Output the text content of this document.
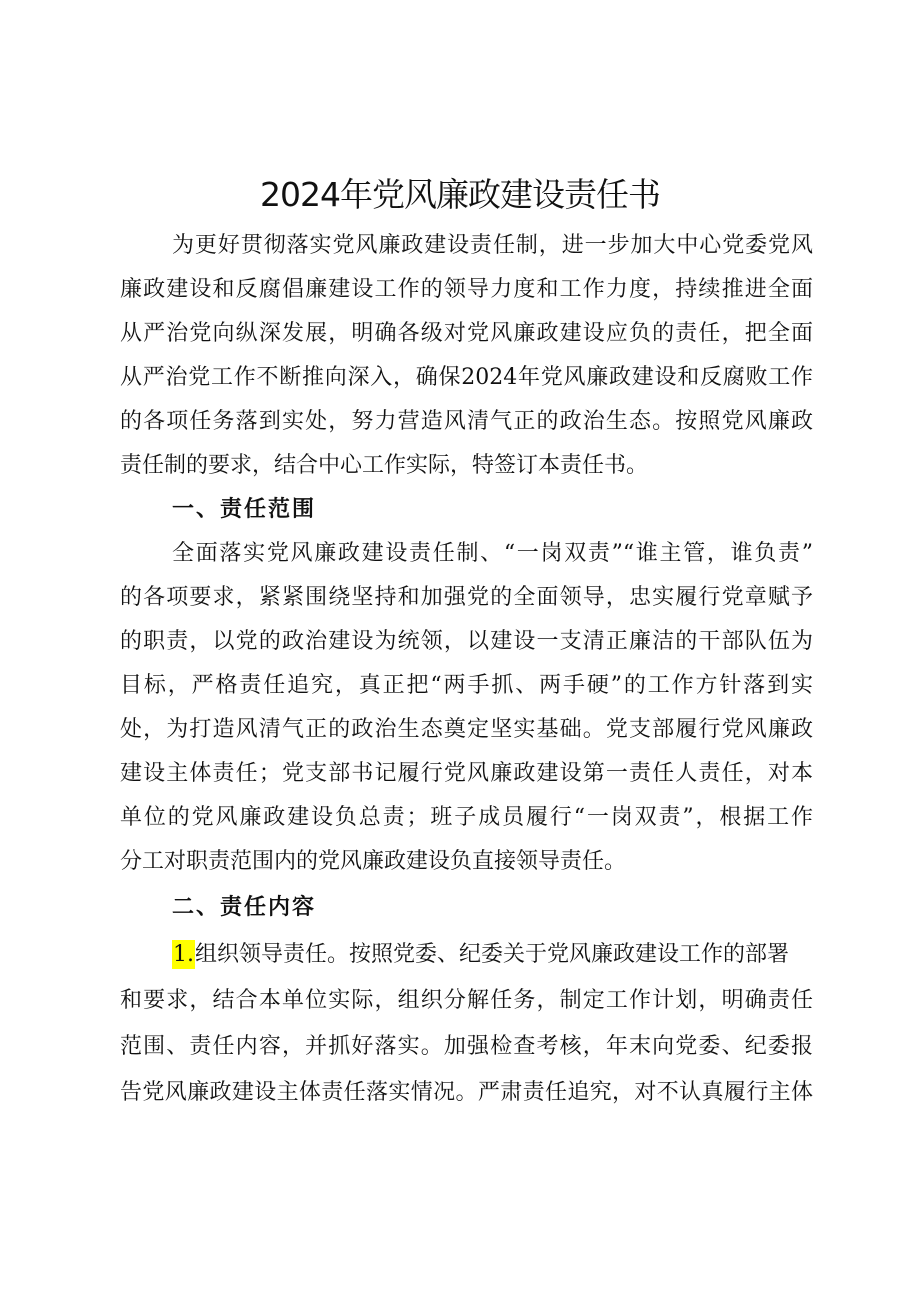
2024年党风廉政建设责任书
为更好贯彻落实党风廉政建设责任制，进一步加大中心党委党风
廉政建设和反腐倡廉建设工作的领导力度和工作力度，持续推进全面
从严治党向纵深发展，明确各级对党风廉政建设应负的责任，把全面
从严治党工作不断推向深入，确保2024年党风廉政建设和反腐败工作
的各项任务落到实处，努力营造风清气正的政治生态。按照党风廉政
责任制的要求，结合中心工作实际，特签订本责任书。
一、责任范围
全面落实党风廉政建设责任制、“一岗双责”“谁主管，谁负责”
的各项要求，紧紧围绕坚持和加强党的全面领导，忠实履行党章赋予
的职责，以党的政治建设为统领，以建设一支清正廉洁的干部队伍为
目标，严格责任追究，真正把“两手抓、两手硬”的工作方针落到实
处，为打造风清气正的政治生态奠定坚实基础。党支部履行党风廉政
建设主体责任；党支部书记履行党风廉政建设第一责任人责任，对本
单位的党风廉政建设负总责；班子成员履行“一岗双责”，根据工作
分工对职责范围内的党风廉政建设负直接领导责任。
二、责任内容
1.组织领导责任。按照党委、纪委关于党风廉政建设工作的部署
和要求，结合本单位实际，组织分解任务，制定工作计划，明确责任
范围、责任内容，并抓好落实。加强检查考核，年末向党委、纪委报
告党风廉政建设主体责任落实情况。严肃责任追究，对不认真履行主体
